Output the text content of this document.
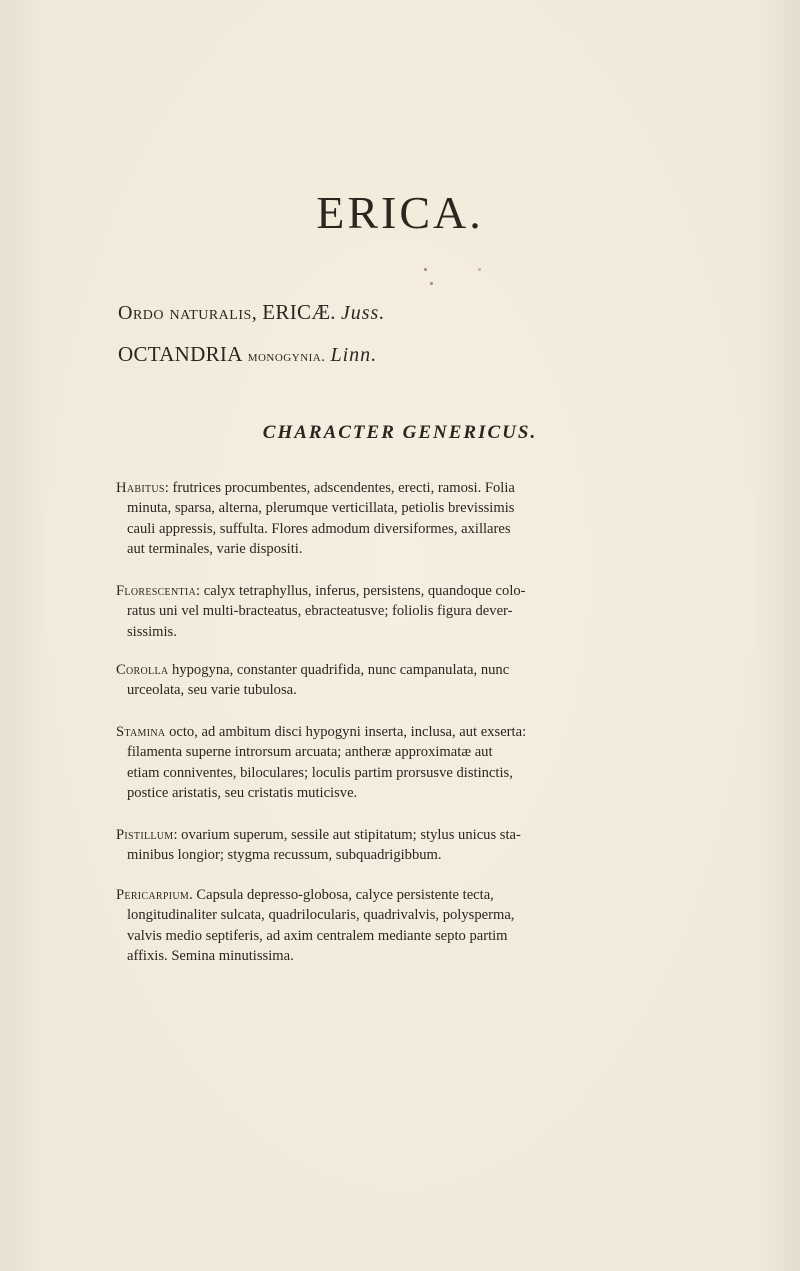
ERICA.
Ordo naturalis, ERICÆ. Juss.
OCTANDRIA monogynia. Linn.
CHARACTER GENERICUS.

Habitus: frutrices procumbentes, adscendentes, erecti, ramosi. Folia
minuta, sparsa, alterna, plerumque verticillata, petiolis brevissimis
cauli appressis, suffulta. Flores admodum diversiformes, axillares
aut terminales, varie dispositi.

Florescentia: calyx tetraphyllus, inferus, persistens, quandoque colo-
ratus uni vel multi-bracteatus, ebracteatusve; foliolis figura dever-
sissimis.

Corolla hypogyna, constanter quadrifida, nunc campanulata, nunc
urceolata, seu varie tubulosa.

Stamina octo, ad ambitum disci hypogyni inserta, inclusa, aut exserta:
filamenta superne introrsum arcuata; antheræ approximatæ aut
etiam conniventes, biloculares; loculis partim prorsusve distinctis,
postice aristatis, seu cristatis muticisve.

Pistillum: ovarium superum, sessile aut stipitatum; stylus unicus sta-
minibus longior; stygma recussum, subquadrigibbum.

Pericarpium. Capsula depresso-globosa, calyce persistente tecta,
longitudinaliter sulcata, quadrilocularis, quadrivalvis, polysperma,
valvis medio septiferis, ad axim centralem mediante septo partim
affixis. Semina minutissima.
